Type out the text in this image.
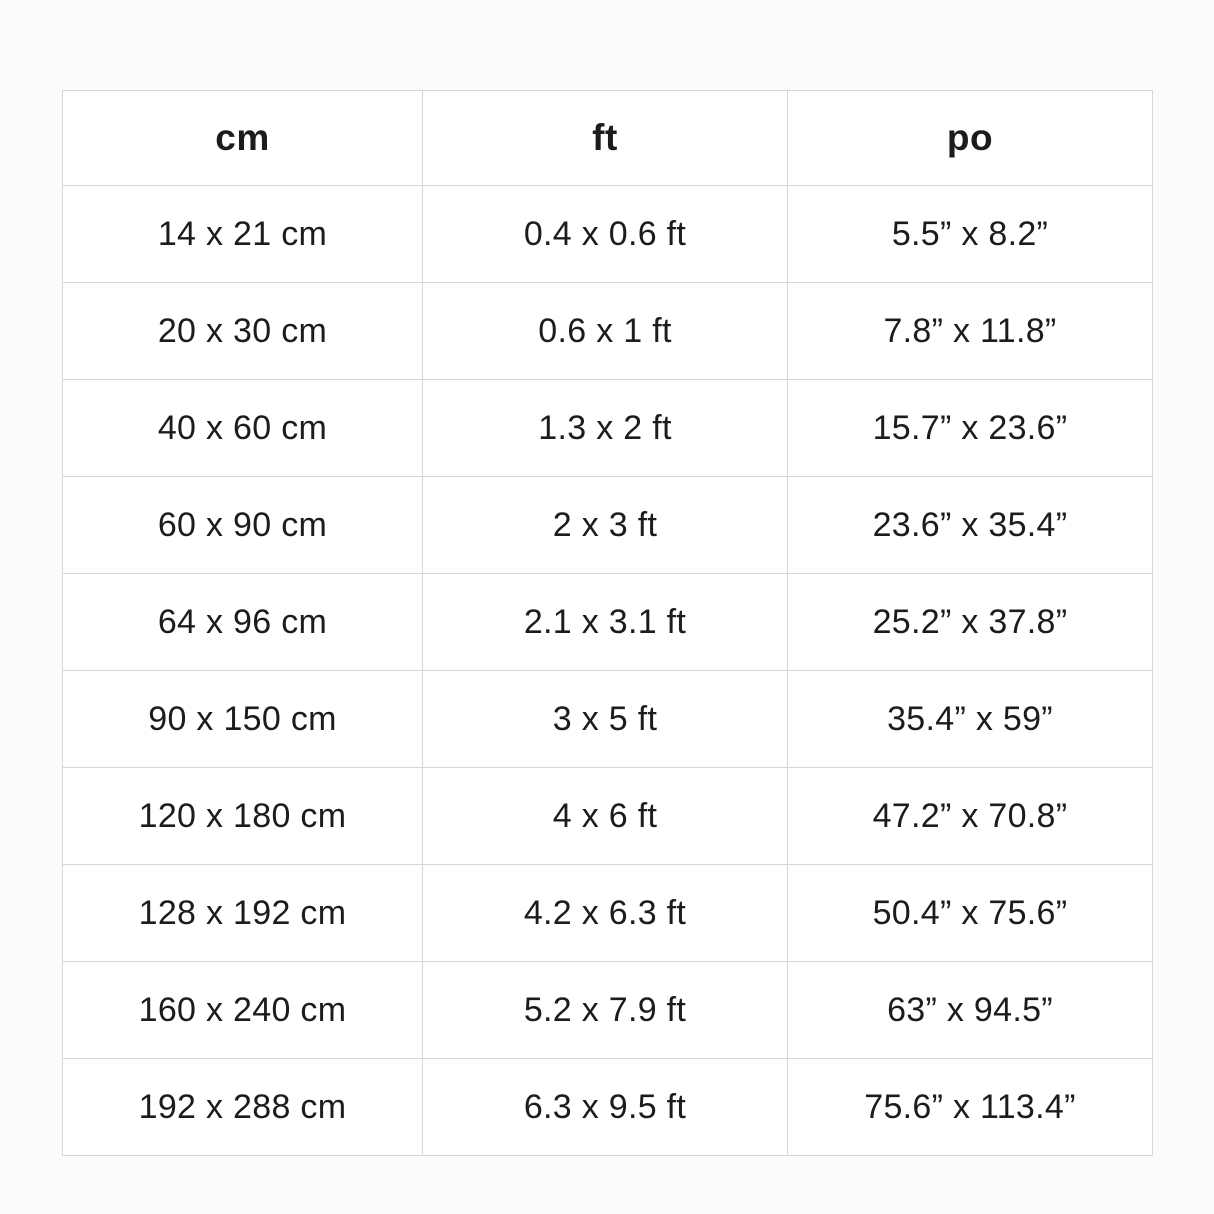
cm	ft	po
14 x 21 cm	0.4 x 0.6 ft	5.5” x 8.2”
20 x 30 cm	0.6 x 1 ft	7.8” x 11.8”
40 x 60 cm	1.3 x 2 ft	15.7” x 23.6”
60 x 90 cm	2 x 3 ft	23.6” x 35.4”
64 x 96 cm	2.1 x 3.1 ft	25.2” x 37.8”
90 x 150 cm	3 x 5 ft	35.4” x 59”
120 x 180 cm	4 x 6 ft	47.2” x 70.8”
128 x 192 cm	4.2 x 6.3 ft	50.4” x 75.6”
160 x 240 cm	5.2 x 7.9 ft	63” x 94.5”
192 x 288 cm	6.3 x 9.5 ft	75.6” x 113.4”
